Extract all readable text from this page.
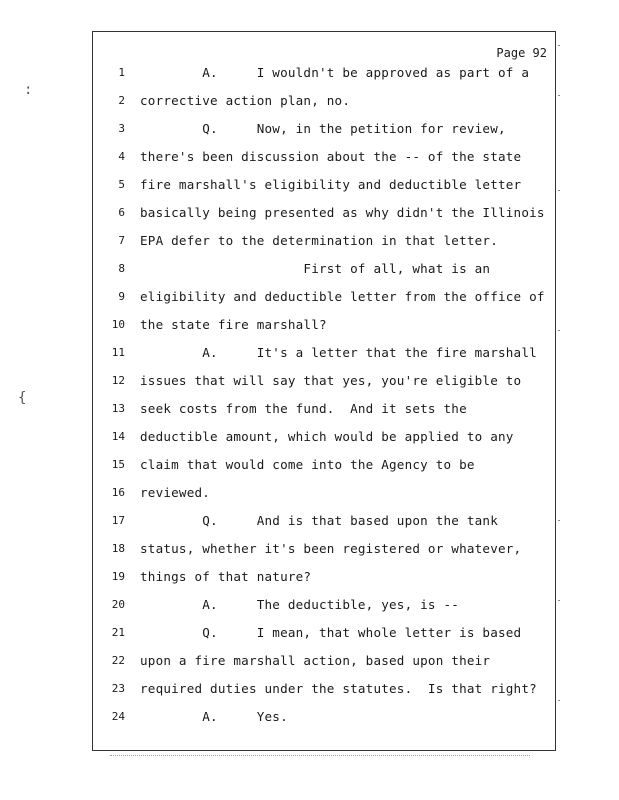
:
{
Page 92
1 A.     I wouldn't be approved as part of a
2 corrective action plan, no.
3 Q.     Now, in the petition for review,
4 there's been discussion about the -- of the state
5 fire marshall's eligibility and deductible letter
6 basically being presented as why didn't the Illinois
7 EPA defer to the determination in that letter.
8 First of all, what is an
9 eligibility and deductible letter from the office of
10 the state fire marshall?
11 A.     It's a letter that the fire marshall
12 issues that will say that yes, you're eligible to
13 seek costs from the fund.  And it sets the
14 deductible amount, which would be applied to any
15 claim that would come into the Agency to be
16 reviewed.
17 Q.     And is that based upon the tank
18 status, whether it's been registered or whatever,
19 things of that nature?
20 A.     The deductible, yes, is --
21 Q.     I mean, that whole letter is based
22 upon a fire marshall action, based upon their
23 required duties under the statutes.  Is that right?
24 A.     Yes.
